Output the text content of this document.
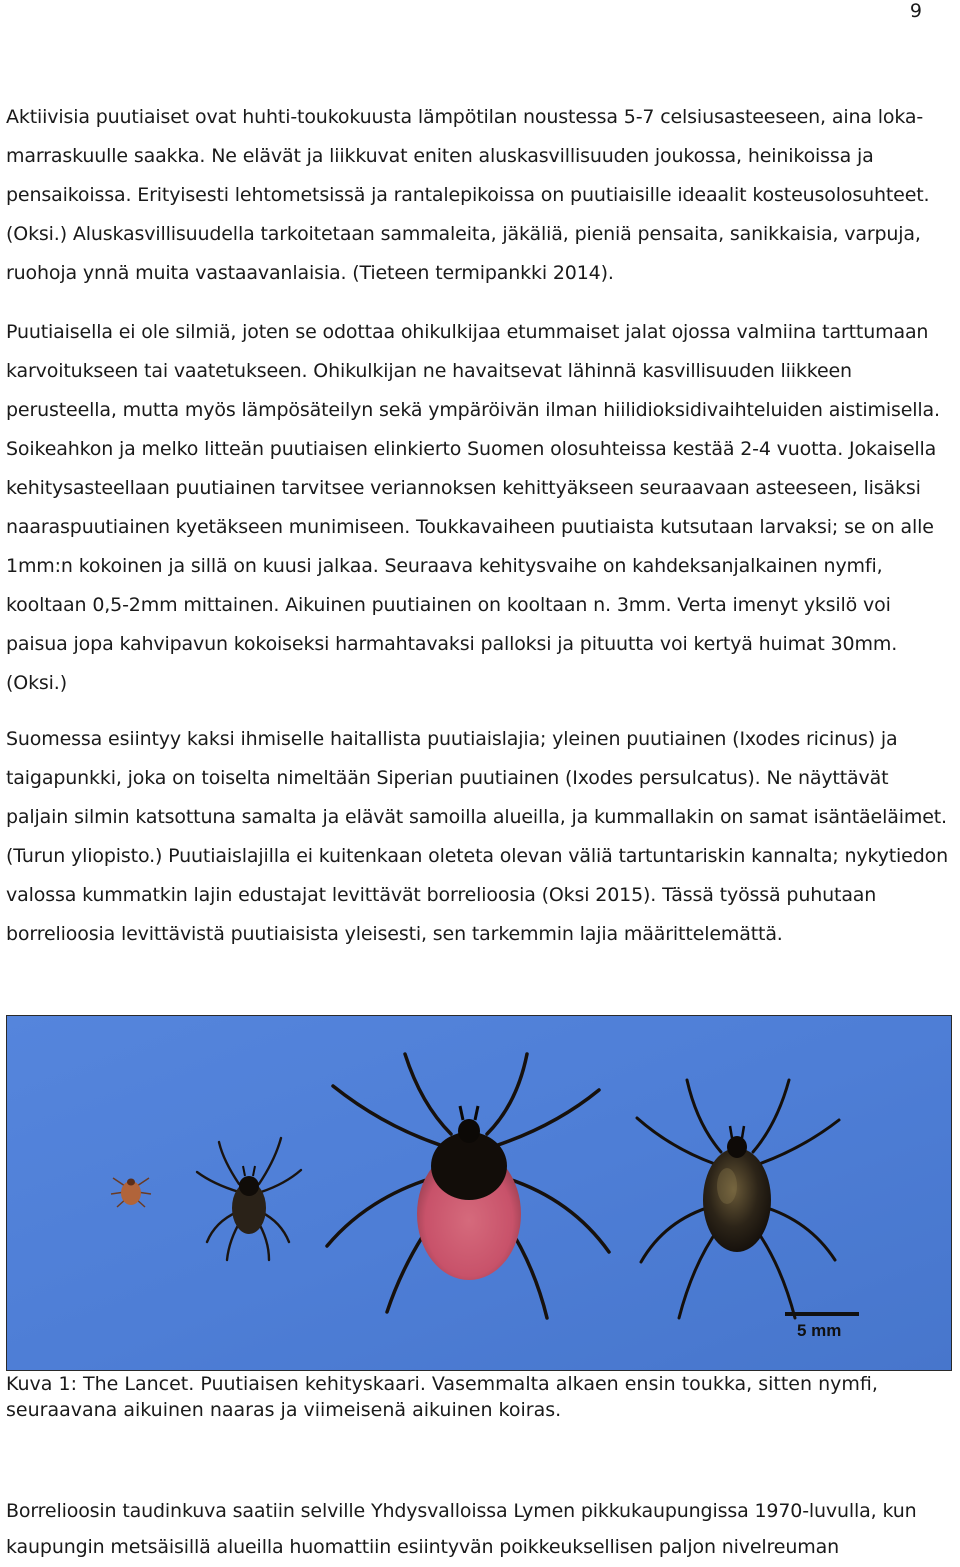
9

Aktiivisia puutiaiset ovat huhti-toukokuusta lämpötilan noustessa 5-7 celsiusasteeseen, aina loka-marraskuulle saakka. Ne elävät ja liikkuvat eniten aluskasvillisuuden joukossa, heinikoissa ja pensaikoissa. Erityisesti lehtometsissä ja rantalepikoissa on puutiaisille ideaalit kosteusolosuhteet. (Oksi.) Aluskasvillisuudella tarkoitetaan sammaleita, jäkäliä, pieniä pensaita, sanikkaisia, varpuja, ruohoja ynnä muita vastaavanlaisia. (Tieteen termipankki 2014).

Puutiaisella ei ole silmiä, joten se odottaa ohikulkijaa etummaiset jalat ojossa valmiina tarttumaan karvoitukseen tai vaatetukseen. Ohikulkijan ne havaitsevat lähinnä kasvillisuuden liikkeen perusteella, mutta myös lämpösäteilyn sekä ympäröivän ilman hiilidioksidivaihteluiden aistimisella. Soikeahkon ja melko litteän puutiaisen elinkierto Suomen olosuhteissa kestää 2-4 vuotta. Jokaisella kehitysasteellaan puutiainen tarvitsee veriannoksen kehittyäkseen seuraavaan asteeseen, lisäksi naaraspuutiainen kyetäkseen munimiseen. Toukkavaiheen puutiaista kutsutaan larvaksi; se on alle 1mm:n kokoinen ja sillä on kuusi jalkaa. Seuraava kehitysvaihe on kahdeksanjalkainen nymfi, kooltaan 0,5-2mm mittainen. Aikuinen puutiainen on kooltaan n. 3mm. Verta imenyt yksilö voi paisua jopa kahvipavun kokoiseksi harmahtavaksi palloksi ja pituutta voi kertyä huimat 30mm. (Oksi.)

Suomessa esiintyy kaksi ihmiselle haitallista puutiaislajia; yleinen puutiainen (Ixodes ricinus) ja taigapunkki, joka on toiselta nimeltään Siperian puutiainen (Ixodes persulcatus). Ne näyttävät paljain silmin katsottuna samalta ja elävät samoilla alueilla, ja kummallakin on samat isäntäeläimet. (Turun yliopisto.) Puutiaislajilla ei kuitenkaan oleteta olevan väliä tartuntariskin kannalta; nykytiedon valossa kummatkin lajin edustajat levittävät borrelioosia (Oksi 2015). Tässä työssä puhutaan borrelioosia levittävistä puutiaisista yleisesti, sen tarkemmin lajia määrittelemättä.

5 mm

Kuva 1: The Lancet. Puutiaisen kehityskaari. Vasemmalta alkaen ensin toukka, sitten nymfi, seuraavana aikuinen naaras ja viimeisenä aikuinen koiras.

Borrelioosin taudinkuva saatiin selville Yhdysvalloissa Lymen pikkukaupungissa 1970-luvulla, kun kaupungin metsäisillä alueilla huomattiin esiintyvän poikkeuksellisen paljon nivelreuman
